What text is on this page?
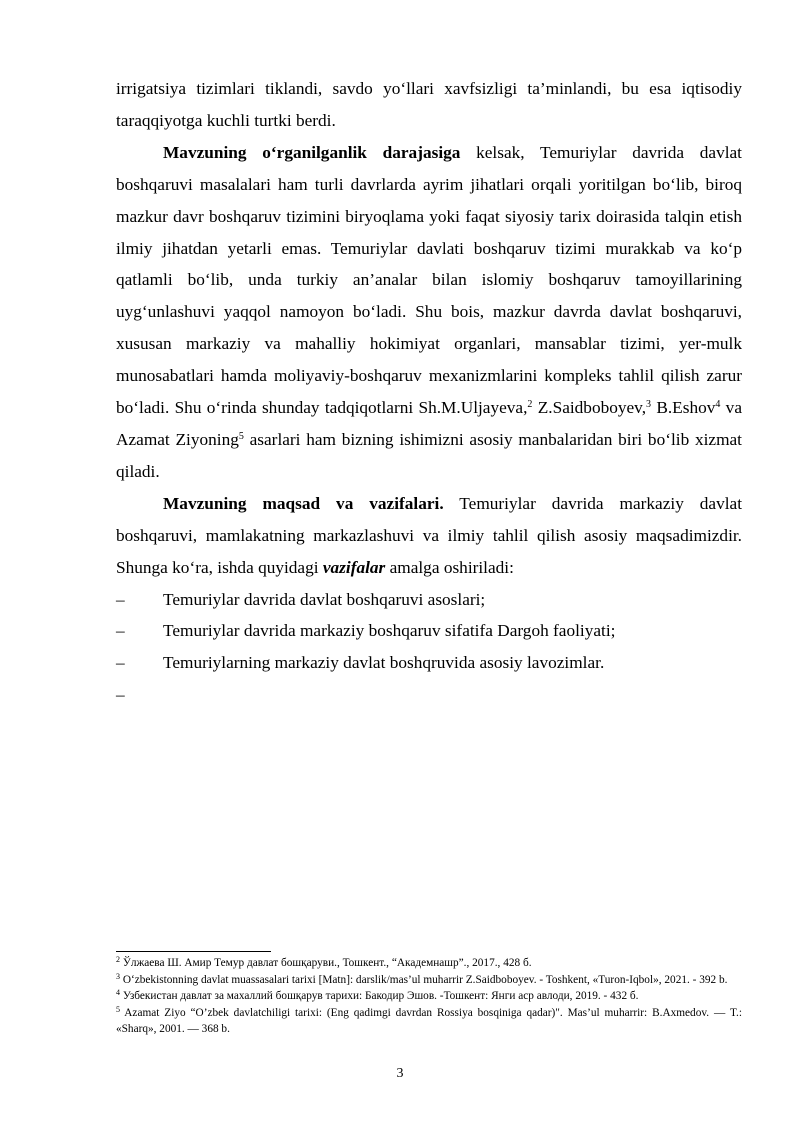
irrigatsiya tizimlari tiklandi, savdo yo‘llari xavfsizligi ta’minlandi, bu esa iqtisodiy taraqqiyotga kuchli turtki berdi.

Mavzuning o‘rganilganlik darajasiga kelsak, Temuriylar davrida davlat boshqaruvi masalalari ham turli davrlarda ayrim jihatlari orqali yoritilgan bo‘lib, biroq mazkur davr boshqaruv tizimini biryoqlama yoki faqat siyosiy tarix doirasida talqin etish ilmiy jihatdan yetarli emas. Temuriylar davlati boshqaruv tizimi murakkab va ko‘p qatlamli bo‘lib, unda turkiy an’analar bilan islomiy boshqaruv tamoyillarining uyg‘unlashuvi yaqqol namoyon bo‘ladi. Shu bois, mazkur davrda davlat boshqaruvi, xususan markaziy va mahalliy hokimiyat organlari, mansablar tizimi, yer-mulk munosabatlari hamda moliyaviy-boshqaruv mexanizmlarini kompleks tahlil qilish zarur bo‘ladi. Shu o‘rinda shunday tadqiqotlarni Sh.M.Uljayeva,$^2$ Z.Saidboboyev,$^3$ B.Eshov$^4$ va Azamat Ziyoning$^5$ asarlari ham bizning ishimizni asosiy manbalaridan biri bo‘lib xizmat qiladi.

Mavzuning maqsad va vazifalari. Temuriylar davrida markaziy davlat boshqaruvi, mamlakatning markazlashuvi va ilmiy tahlil qilish asosiy maqsadimizdir. Shunga ko‘ra, ishda quyidagi vazifalar amalga oshiriladi:

–	Temuriylar davrida davlat boshqaruvi asoslari;

–	Temuriylar davrida markaziy boshqaruv sifatifa Dargoh faoliyati;

–	Temuriylarning markaziy davlat boshqruvida asosiy lavozimlar.

–

$^2$ Ўлжаева Ш. Амир Темур давлат бошқаруви., Тошкент., “Академнашр”., 2017., 428 б.

$^3$ O‘zbekistonning davlat muassasalari tarixi [Matn]: darslik/mas’ul muharrir Z.Saidboboyev. - Toshkent, «Turon-Iqbol», 2021. - 392 b.

$^4$ Узбекистан давлат за махаллий бошқарув тарихи: Бакодир Эшов. -Тошкент: Янги аср авлоди, 2019. - 432 б.

$^5$ Azamat Ziyo “O’zbek davlatchiligi tarixi: (Eng qadimgi davrdan Rossiya bosqiniga qadar)". Mas’ul muharrir: B.Axmedov. — T.: «Sharq», 2001. — 368 b.

3
